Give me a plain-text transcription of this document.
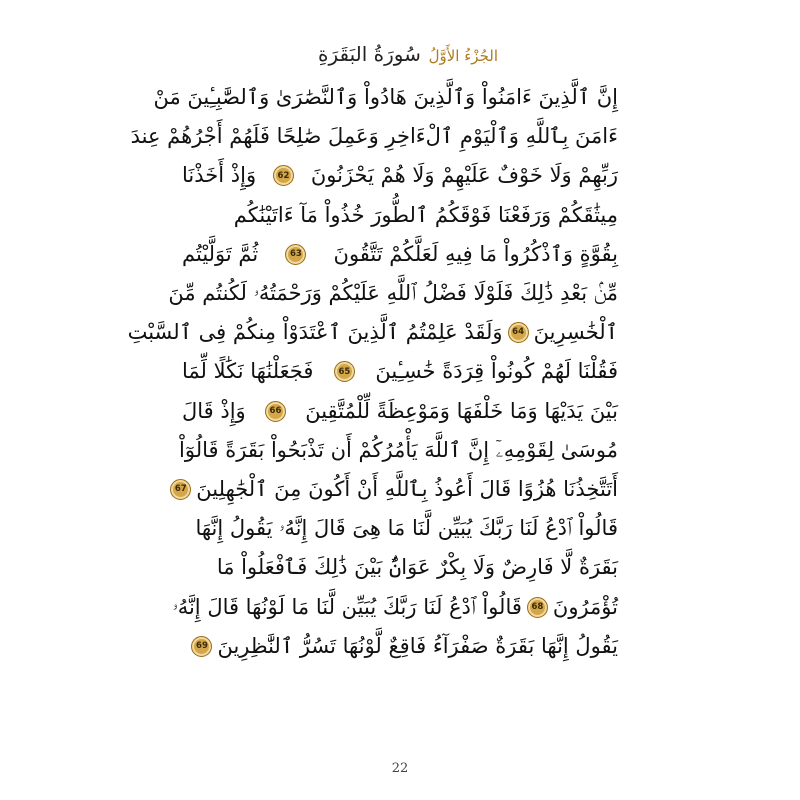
سُورَةُ البَقَرَةِ الجُزْءُ الأَوَّلُ
إِنَّ ٱلَّذِينَ ءَامَنُواْ وَٱلَّذِينَ هَادُواْ وَٱلنَّصَٰرَىٰ وَٱلصَّٰبِـِٔينَ مَنْ
ءَامَنَ بِٱللَّهِ وَٱلْيَوْمِ ٱلْءَاخِرِ وَعَمِلَ صَٰلِحًا فَلَهُمْ أَجْرُهُمْ عِندَ
رَبِّهِمْ وَلَا خَوْفٌ عَلَيْهِمْ وَلَا هُمْ يَحْزَنُونَ
62
وَإِذْ أَخَذْنَا
مِيثَٰقَكُمْ وَرَفَعْنَا فَوْقَكُمُ ٱلطُّورَ خُذُواْ مَآ ءَاتَيْنَٰكُم
بِقُوَّةٍ وَٱذْكُرُواْ مَا فِيهِ لَعَلَّكُمْ تَتَّقُونَ
63
ثُمَّ تَوَلَّيْتُم
مِّنۢ بَعْدِ ذَٰلِكَ فَلَوْلَا فَضْلُ ٱللَّهِ عَلَيْكُمْ وَرَحْمَتُهُۥ لَكُنتُم مِّنَ
ٱلْخَٰسِرِينَ
64
وَلَقَدْ عَلِمْتُمُ ٱلَّذِينَ ٱعْتَدَوْاْ مِنكُمْ فِى ٱلسَّبْتِ
فَقُلْنَا لَهُمْ كُونُواْ قِرَدَةً خَٰسِـِٔينَ
65
فَجَعَلْنَٰهَا نَكَٰلًا لِّمَا
بَيْنَ يَدَيْهَا وَمَا خَلْفَهَا وَمَوْعِظَةً لِّلْمُتَّقِينَ
66
وَإِذْ قَالَ
مُوسَىٰ لِقَوْمِهِۦٓ إِنَّ ٱللَّهَ يَأْمُرُكُمْ أَن تَذْبَحُواْ بَقَرَةً قَالُوٓاْ
أَتَتَّخِذُنَا هُزُوًا قَالَ أَعُوذُ بِٱللَّهِ أَنْ أَكُونَ مِنَ ٱلْجَٰهِلِينَ
67
قَالُواْ ٱدْعُ لَنَا رَبَّكَ يُبَيِّن لَّنَا مَا هِىَ قَالَ إِنَّهُۥ يَقُولُ إِنَّهَا
بَقَرَةٌ لَّا فَارِضٌ وَلَا بِكْرٌ عَوَانٌۢ بَيْنَ ذَٰلِكَ فَٱفْعَلُواْ مَا
تُؤْمَرُونَ
68
قَالُواْ ٱدْعُ لَنَا رَبَّكَ يُبَيِّن لَّنَا مَا لَوْنُهَا قَالَ إِنَّهُۥ
يَقُولُ إِنَّهَا بَقَرَةٌ صَفْرَآءُ فَاقِعٌ لَّوْنُهَا تَسُرُّ ٱلنَّٰظِرِينَ
69
22
